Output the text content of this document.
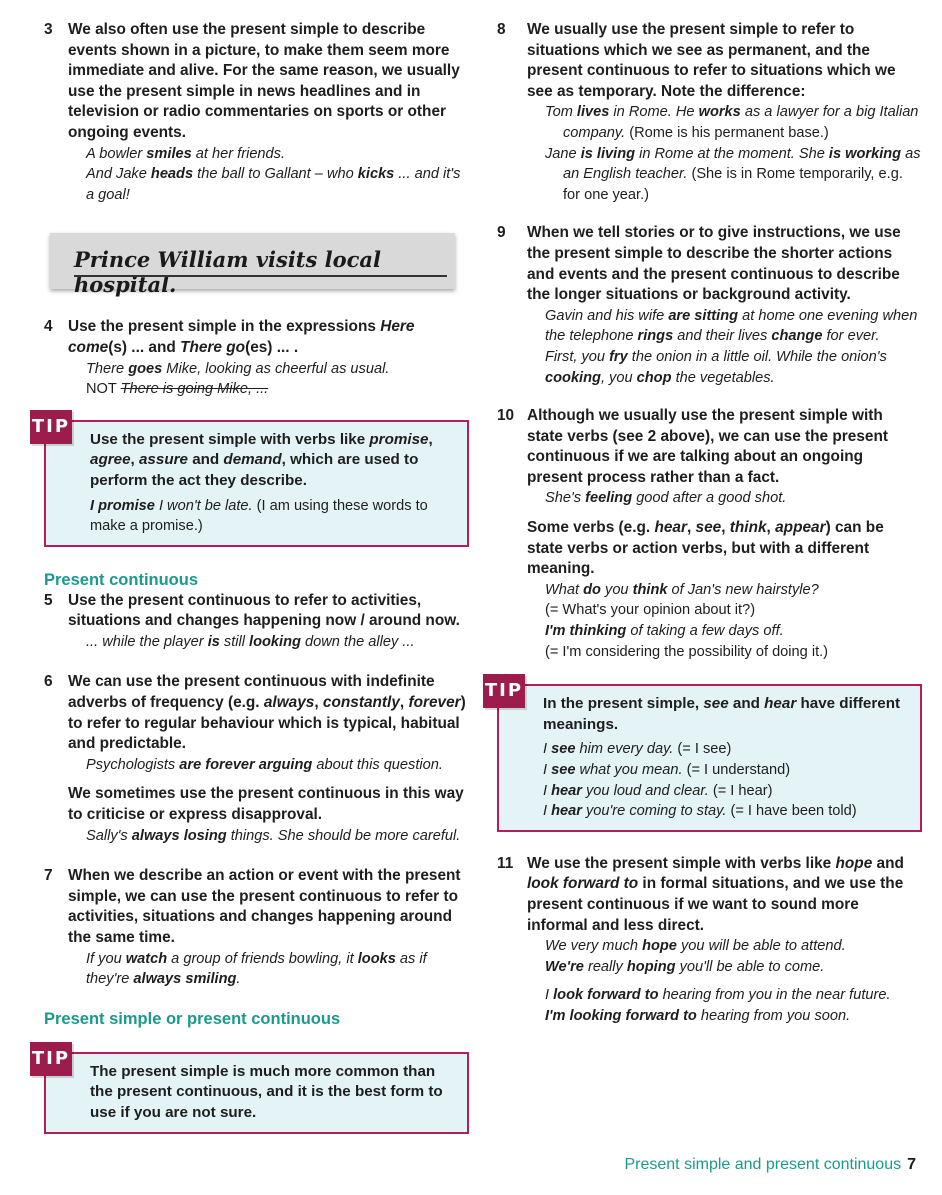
3 We also often use the present simple to describe events shown in a picture, to make them seem more immediate and alive. For the same reason, we usually use the present simple in news headlines and in television or radio commentaries on sports or other ongoing events.
A bowler smiles at her friends.
And Jake heads the ball to Gallant – who kicks ... and it's a goal!
Prince William visits local hospital.
4 Use the present simple in the expressions Here come(s) ... and There go(es) ... .
There goes Mike, looking as cheerful as usual.
NOT There is going Mike, ...
TIP
Use the present simple with verbs like promise, agree, assure and demand, which are used to perform the act they describe.
I promise I won't be late. (I am using these words to make a promise.)
Present continuous
5 Use the present continuous to refer to activities, situations and changes happening now / around now.
... while the player is still looking down the alley ...
6 We can use the present continuous with indefinite adverbs of frequency (e.g. always, constantly, forever) to refer to regular behaviour which is typical, habitual and predictable.
Psychologists are forever arguing about this question.
We sometimes use the present continuous in this way to criticise or express disapproval.
Sally's always losing things. She should be more careful.
7 When we describe an action or event with the present simple, we can use the present continuous to refer to activities, situations and changes happening around the same time.
If you watch a group of friends bowling, it looks as if they're always smiling.
Present simple or present continuous
TIP
The present simple is much more common than the present continuous, and it is the best form to use if you are not sure.
8 We usually use the present simple to refer to situations which we see as permanent, and the present continuous to refer to situations which we see as temporary. Note the difference:
Tom lives in Rome. He works as a lawyer for a big Italian company. (Rome is his permanent base.)
Jane is living in Rome at the moment. She is working as an English teacher. (She is in Rome temporarily, e.g. for one year.)
9 When we tell stories or to give instructions, we use the present simple to describe the shorter actions and events and the present continuous to describe the longer situations or background activity.
Gavin and his wife are sitting at home one evening when the telephone rings and their lives change for ever.
First, you fry the onion in a little oil. While the onion's cooking, you chop the vegetables.
10 Although we usually use the present simple with state verbs (see 2 above), we can use the present continuous if we are talking about an ongoing present process rather than a fact.
She's feeling good after a good shot.
Some verbs (e.g. hear, see, think, appear) can be state verbs or action verbs, but with a different meaning.
What do you think of Jan's new hairstyle?
(= What's your opinion about it?)
I'm thinking of taking a few days off.
(= I'm considering the possibility of doing it.)
TIP
In the present simple, see and hear have different meanings.
I see him every day. (= I see)
I see what you mean. (= I understand)
I hear you loud and clear. (= I hear)
I hear you're coming to stay. (= I have been told)
11 We use the present simple with verbs like hope and look forward to in formal situations, and we use the present continuous if we want to sound more informal and less direct.
We very much hope you will be able to attend.
We're really hoping you'll be able to come.
I look forward to hearing from you in the near future.
I'm looking forward to hearing from you soon.
Present simple and present continuous 7
